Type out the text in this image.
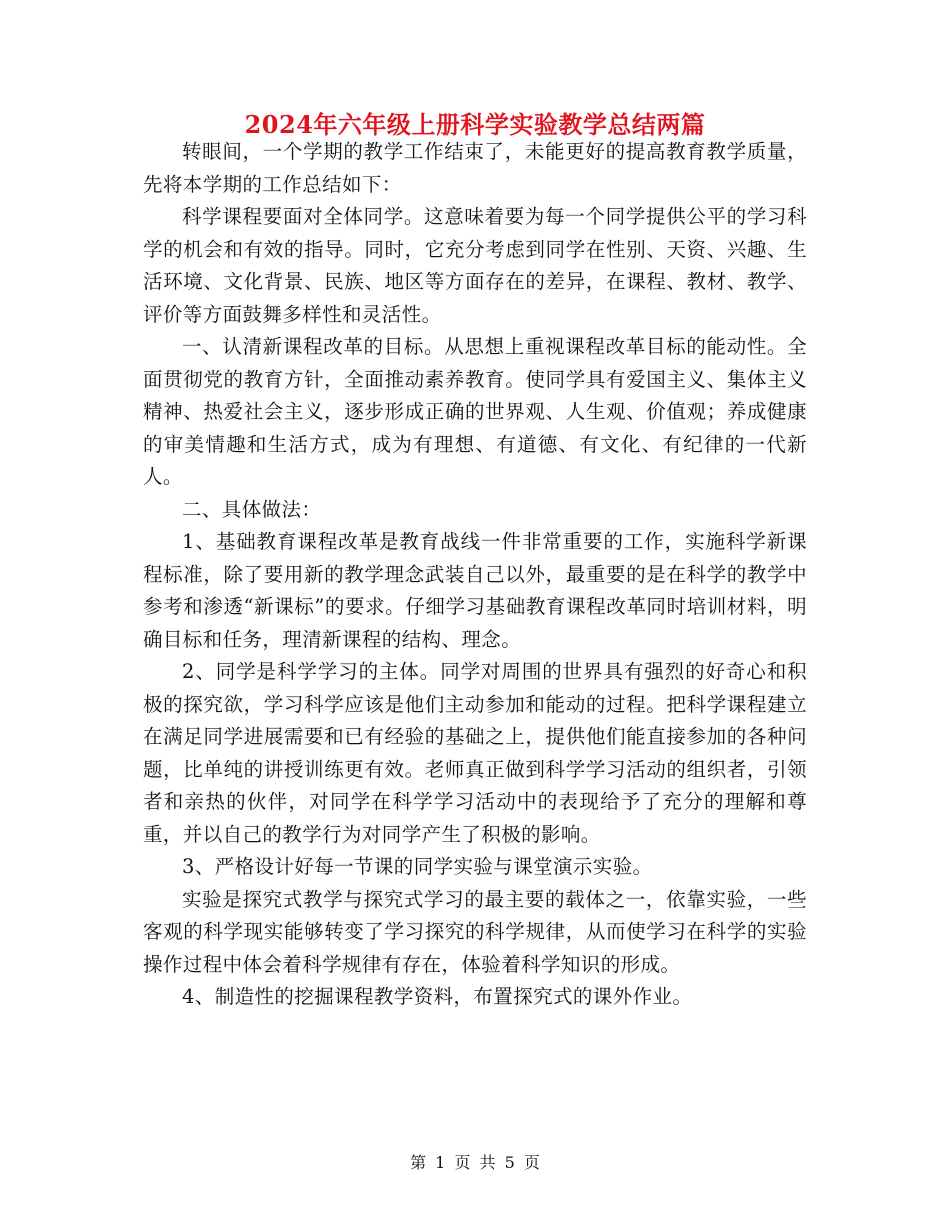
2024年六年级上册科学实验教学总结两篇

转眼间，一个学期的教学工作结束了，未能更好的提高教育教学质量，先将本学期的工作总结如下：

科学课程要面对全体同学。这意味着要为每一个同学提供公平的学习科学的机会和有效的指导。同时，它充分考虑到同学在性别、天资、兴趣、生活环境、文化背景、民族、地区等方面存在的差异，在课程、教材、教学、评价等方面鼓舞多样性和灵活性。

一、认清新课程改革的目标。从思想上重视课程改革目标的能动性。全面贯彻党的教育方针，全面推动素养教育。使同学具有爱国主义、集体主义精神、热爱社会主义，逐步形成正确的世界观、人生观、价值观；养成健康的审美情趣和生活方式，成为有理想、有道德、有文化、有纪律的一代新人。

二、具体做法：

1、基础教育课程改革是教育战线一件非常重要的工作，实施科学新课程标准，除了要用新的教学理念武装自己以外，最重要的是在科学的教学中参考和渗透“新课标”的要求。仔细学习基础教育课程改革同时培训材料，明确目标和任务，理清新课程的结构、理念。

2、同学是科学学习的主体。同学对周围的世界具有强烈的好奇心和积极的探究欲，学习科学应该是他们主动参加和能动的过程。把科学课程建立在满足同学进展需要和已有经验的基础之上，提供他们能直接参加的各种问题，比单纯的讲授训练更有效。老师真正做到科学学习活动的组织者，引领者和亲热的伙伴，对同学在科学学习活动中的表现给予了充分的理解和尊重，并以自己的教学行为对同学产生了积极的影响。

3、严格设计好每一节课的同学实验与课堂演示实验。

实验是探究式教学与探究式学习的最主要的载体之一，依靠实验，一些客观的科学现实能够转变了学习探究的科学规律，从而使学习在科学的实验操作过程中体会着科学规律有存在，体验着科学知识的形成。

4、制造性的挖掘课程教学资料，布置探究式的课外作业。

第 1 页 共 5 页
